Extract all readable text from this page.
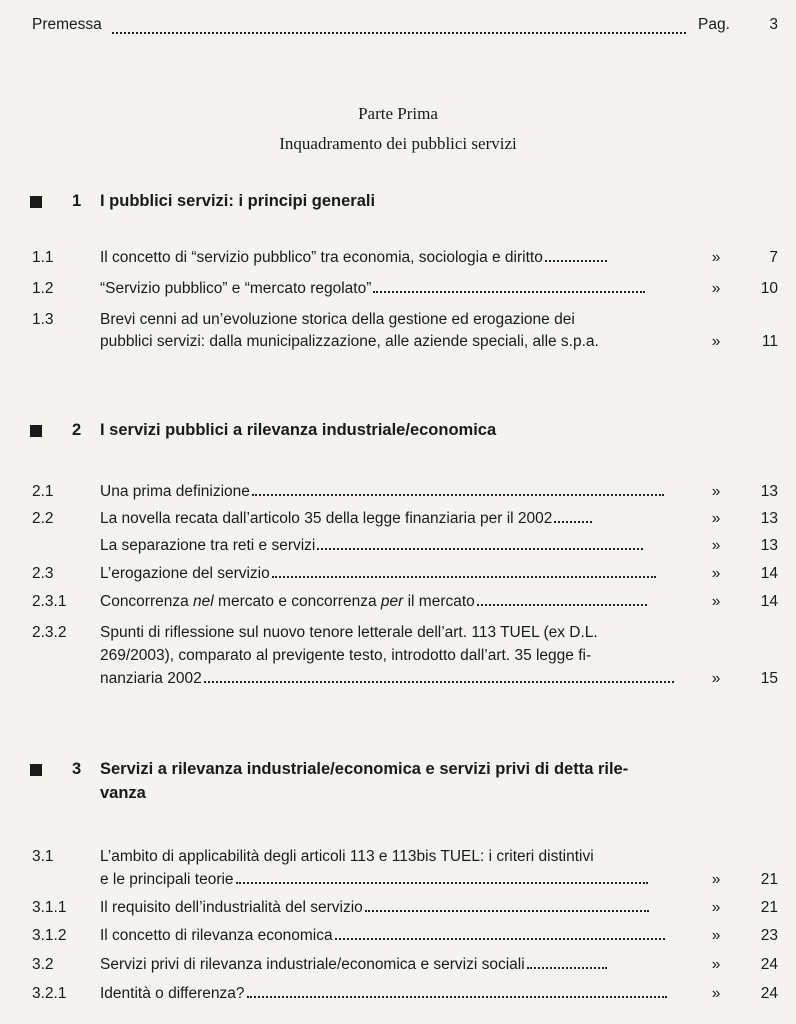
Premessa	Pag.	3
Parte Prima
Inquadramento dei pubblici servizi
1 I pubblici servizi: i principi generali
1.1	Il concetto di “servizio pubblico” tra economia, sociologia e diritto	»	7
1.2	“Servizio pubblico” e “mercato regolato”	»	10
1.3	Brevi cenni ad un’evoluzione storica della gestione ed erogazione dei
pubblici servizi: dalla municipalizzazione, alle aziende speciali, alle s.p.a.	»	11
2 I servizi pubblici a rilevanza industriale/economica
2.1	Una prima definizione	»	13
2.2	La novella recata dall’articolo 35 della legge finanziaria per il 2002	»	13
La separazione tra reti e servizi	»	13
2.3	L’erogazione del servizio	»	14
2.3.1 Concorrenza nel mercato e concorrenza per il mercato	»	14
2.3.2 Spunti di riflessione sul nuovo tenore letterale dell’art. 113 TUEL (ex D.L.
269/2003), comparato al previgente testo, introdotto dall’art. 35 legge fi-
nanziaria 2002	»	15
3 Servizi a rilevanza industriale/economica e servizi privi di detta rile-
vanza
3.1	L’ambito di applicabilità degli articoli 113 e 113bis TUEL: i criteri distintivi
e le principali teorie	»	21
3.1.1 Il requisito dell’industrialità del servizio	»	21
3.1.2 Il concetto di rilevanza economica	»	23
3.2	Servizi privi di rilevanza industriale/economica e servizi sociali	»	24
3.2.1 Identità o differenza?	»	24
